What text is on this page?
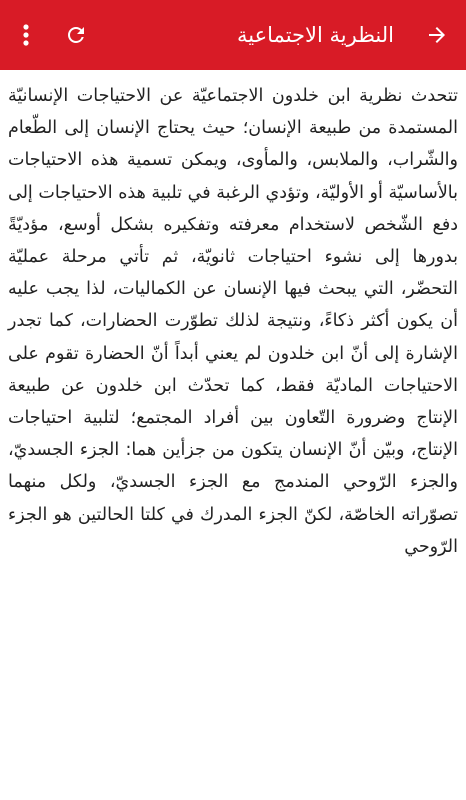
النظرية الاجتماعية

تتحدث نظرية ابن خلدون الاجتماعيّة عن الاحتياجات الإنسانيّة المستمدة من طبيعة الإنسان؛ حيث يحتاج الإنسان إلى الطّعام والشّراب، والملابس، والمأوى، ويمكن تسمية هذه الاحتياجات بالأساسيّة أو الأوليّة، وتؤدي الرغبة في تلبية هذه الاحتياجات إلى دفع الشّخص لاستخدام معرفته وتفكيره بشكل أوسع، مؤديّةً بدورها إلى نشوء احتياجات ثانويّة، ثم تأتي مرحلة عمليّة التحضّر، التي يبحث فيها الإنسان عن الكماليات، لذا يجب عليه أن يكون أكثر ذكاءً، ونتيجة لذلك تطوّرت الحضارات، كما تجدر الإشارة إلى أنّ ابن خلدون لم يعني أبداً أنّ الحضارة تقوم على الاحتياجات الماديّة فقط، كما تحدّث ابن خلدون عن طبيعة الإنتاج وضرورة التّعاون بين أفراد المجتمع؛ لتلبية احتياجات الإنتاج، وبيّن أنّ الإنسان يتكون من جزأين هما: الجزء الجسديّ، والجزء الرّوحي المندمج مع الجزء الجسديّ، ولكل منهما تصوّراته الخاصّة، لكنّ الجزء المدرك في كلتا الحالتين هو الجزء الرّوحي
